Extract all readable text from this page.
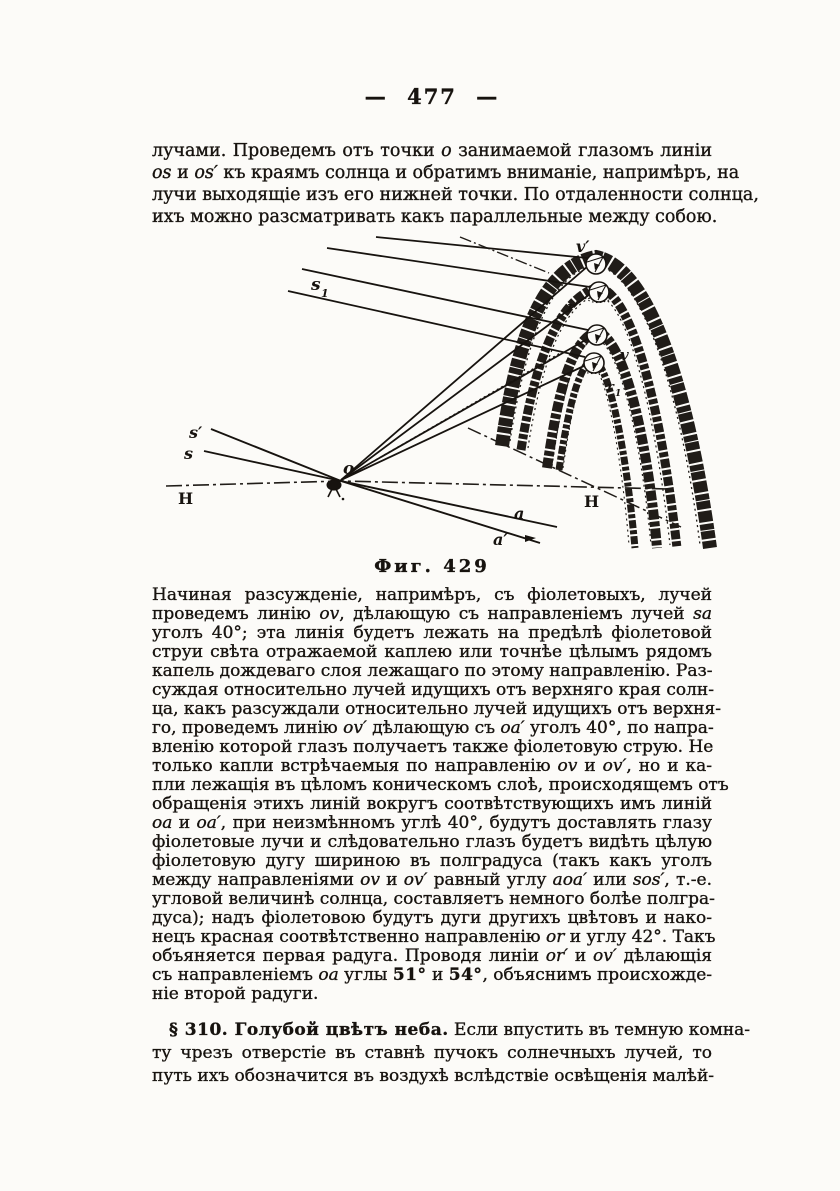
— 477 —
лучами. Проведемъ отъ точки o занимаемой глазомъ линіи
os и os′ къ краямъ солнца и обратимъ вниманіе, напримѣръ, на
лучи выходящіе изъ его нижней точки. По отдаленности солнца,
ихъ можно разсматривать какъ параллельные между собою.
s 1
v′
r′
v
r 1
o
s′
s
H	H
a
a′
Фиг. 429
Начиная разсужденіе, напримѣръ, съ фіолетовыхъ, лучей
проведемъ линію ov, дѣлающую съ направленіемъ лучей sa
уголъ 40°; эта линія будетъ лежать на предѣлѣ фіолетовой
струи свѣта отражаемой каплею или точнѣе цѣлымъ рядомъ
капель дождеваго слоя лежащаго по этому направленію. Раз-
суждая относительно лучей идущихъ отъ верхняго края солн-
ца, какъ разсуждали относительно лучей идущихъ отъ верхня-
го, проведемъ линію ov′ дѣлающую съ oa′ уголъ 40°, по напра-
вленію которой глазъ получаетъ также фіолетовую струю. Не
только капли встрѣчаемыя по направленію ov и ov′, но и ка-
пли лежащія въ цѣломъ коническомъ слоѣ, происходящемъ отъ
обращенія этихъ линій вокругъ соотвѣтствующихъ имъ линій
oa и oa′, при неизмѣнномъ углѣ 40°, будутъ доставлять глазу
фіолетовые лучи и слѣдовательно глазъ будетъ видѣть цѣлую
фіолетовую дугу шириною въ полградуса (такъ какъ уголъ
между направленіями ov и ov′ равный углу aoa′ или sos′, т.-е.
угловой величинѣ солнца, составляетъ немного болѣе полгра-
дуса); надъ фіолетовою будутъ дуги другихъ цвѣтовъ и нако-
нецъ красная соотвѣтственно направленію or и углу 42°. Такъ
объяняется первая радуга. Проводя линіи or′ и ov′ дѣлающія
съ направленіемъ oa углы 51° и 54°, объяснимъ происхожде-
ніе второй радуги.
§ 310. Голубой цвѣтъ неба. Если впустить въ темную комна-
ту чрезъ отверстіе въ ставнѣ пучокъ солнечныхъ лучей, то
путь ихъ обозначится въ воздухѣ вслѣдствіе освѣщенія малѣй-
